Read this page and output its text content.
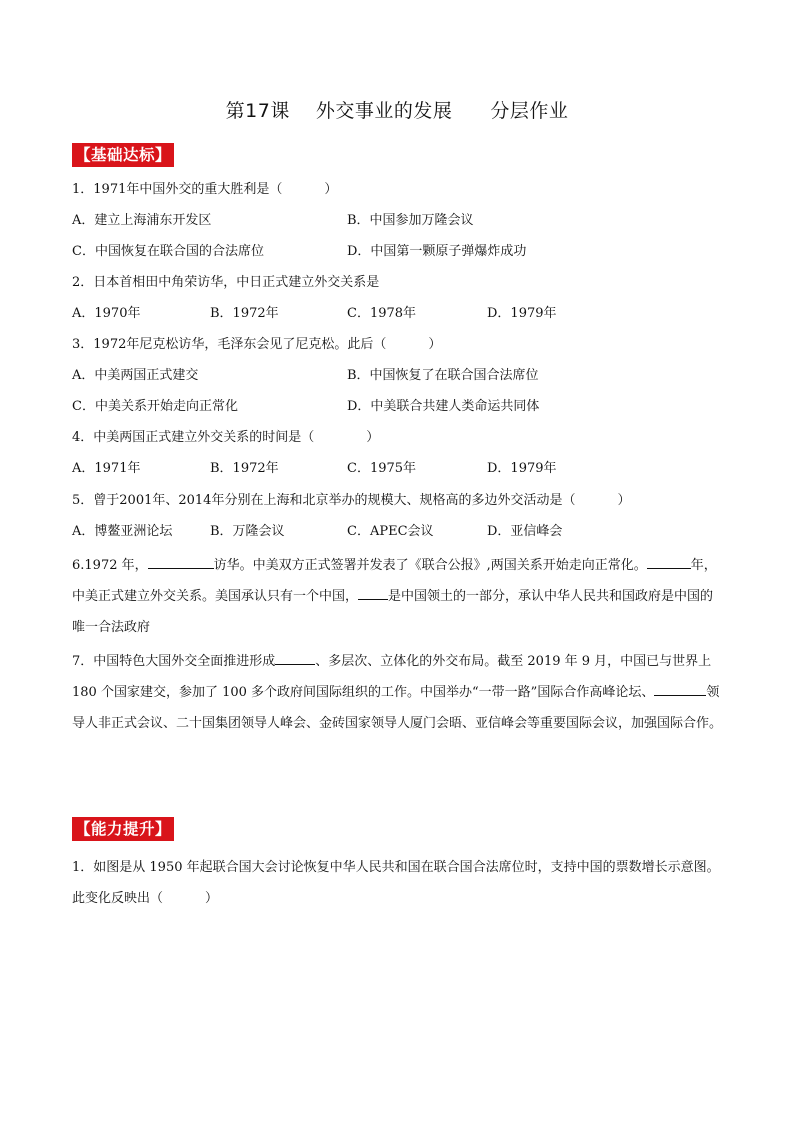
第17课 外交事业的发展 分层作业
【基础达标】
1．1971年中国外交的重大胜利是（	）
A．建立上海浦东开发区	B．中国参加万隆会议
C．中国恢复在联合国的合法席位	D．中国第一颗原子弹爆炸成功
2．日本首相田中角荣访华，中日正式建立外交关系是
A．1970年	B．1972年	C．1978年	D．1979年
3．1972年尼克松访华，毛泽东会见了尼克松。此后（	）
A．中美两国正式建交	B．中国恢复了在联合国合法席位
C．中美关系开始走向正常化	D．中美联合共建人类命运共同体
4．中美两国正式建立外交关系的时间是（	）
A．1971年	B．1972年	C．1975年	D．1979年
5．曾于2001年、2014年分别在上海和北京举办的规模大、规格高的多边外交活动是（	）
A．博鳌亚洲论坛	B．万隆会议	C．APEC会议	D．亚信峰会
6.1972 年，	访华。中美双方正式签署并发表了《联合公报》,两国关系开始走向正常化。	年，中美正式建立外交关系。美国承认只有一个中国， 是中国领土的一部分，承认中华人民共和国政府是中国的唯一合法政府
7．中国特色大国外交全面推进形成	、多层次、立体化的外交布局。截至 2019 年 9 月，中国已与世界上 180 个国家建交，参加了 100 多个政府间国际组织的工作。中国举办“一带一路”国际合作高峰论坛、	领导人非正式会议、二十国集团领导人峰会、金砖国家领导人厦门会晤、亚信峰会等重要国际会议，加强国际合作。
【能力提升】
1．如图是从 1950 年起联合国大会讨论恢复中华人民共和国在联合国合法席位时，支持中国的票数增长示意图。此变化反映出（	）
